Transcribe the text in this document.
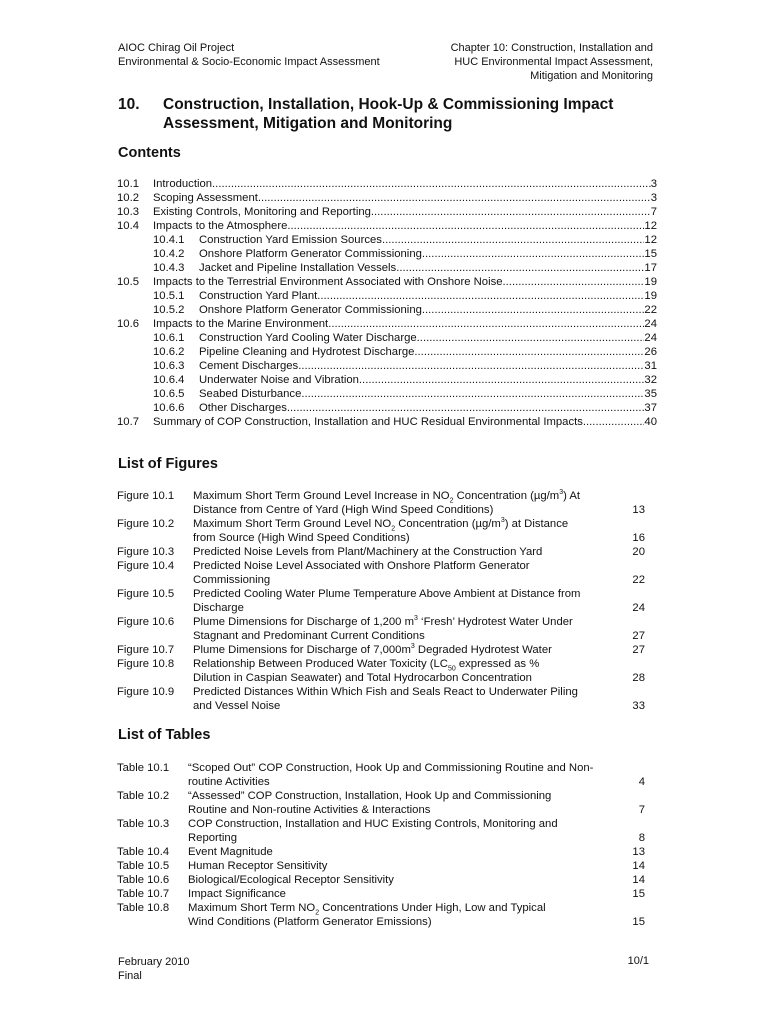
AIOC Chirag Oil Project
Environmental & Socio-Economic Impact Assessment
Chapter 10: Construction, Installation and
HUC Environmental Impact Assessment,
Mitigation and Monitoring
10. Construction, Installation, Hook-Up & Commissioning Impact
Assessment, Mitigation and Monitoring
Contents
10.1	Introduction .....	3
10.2	Scoping Assessment .....	3
10.3	Existing Controls, Monitoring and Reporting .....	7
10.4	Impacts to the Atmosphere .....	12
10.4.1	Construction Yard Emission Sources .....	12
10.4.2	Onshore Platform Generator Commissioning .....	15
10.4.3	Jacket and Pipeline Installation Vessels .....	17
10.5	Impacts to the Terrestrial Environment Associated with Onshore Noise .....	19
10.5.1	Construction Yard Plant .....	19
10.5.2	Onshore Platform Generator Commissioning .....	22
10.6	Impacts to the Marine Environment .....	24
10.6.1	Construction Yard Cooling Water Discharge .....	24
10.6.2	Pipeline Cleaning and Hydrotest Discharge .....	26
10.6.3	Cement Discharges .....	31
10.6.4	Underwater Noise and Vibration .....	32
10.6.5	Seabed Disturbance .....	35
10.6.6	Other Discharges .....	37
10.7	Summary of COP Construction, Installation and HUC Residual Environmental Impacts .....	40
List of Figures
Figure 10.1	Maximum Short Term Ground Level Increase in $NO_2$ Concentration $(\mu g/m^3)$ At
Distance from Centre of Yard (High Wind Speed Conditions)	13
Figure 10.2	Maximum Short Term Ground Level $NO_2$ Concentration $(\mu g/m^3)$ at Distance
from Source (High Wind Speed Conditions)	16
Figure 10.3	Predicted Noise Levels from Plant/Machinery at the Construction Yard	20
Figure 10.4	Predicted Noise Level Associated with Onshore Platform Generator
Commissioning	22
Figure 10.5	Predicted Cooling Water Plume Temperature Above Ambient at Distance from
Discharge	24
Figure 10.6	Plume Dimensions for Discharge of 1,200 $m^3$ ‘Fresh’ Hydrotest Water Under
Stagnant and Predominant Current Conditions	27
Figure 10.7	Plume Dimensions for Discharge of $7,000m^3$ Degraded Hydrotest Water	27
Figure 10.8	Relationship Between Produced Water Toxicity ($LC_{50}$ expressed as %
Dilution in Caspian Seawater) and Total Hydrocarbon Concentration	28
Figure 10.9	Predicted Distances Within Which Fish and Seals React to Underwater Piling
and Vessel Noise	33
List of Tables
Table 10.1	“Scoped Out” COP Construction, Hook Up and Commissioning Routine and Non-
routine Activities	4
Table 10.2	“Assessed” COP Construction, Installation, Hook Up and Commissioning
Routine and Non-routine Activities & Interactions	7
Table 10.3	COP Construction, Installation and HUC Existing Controls, Monitoring and
Reporting	8
Table 10.4	Event Magnitude	13
Table 10.5	Human Receptor Sensitivity	14
Table 10.6	Biological/Ecological Receptor Sensitivity	14
Table 10.7	Impact Significance	15
Table 10.8	Maximum Short Term $NO_2$ Concentrations Under High, Low and Typical
Wind Conditions (Platform Generator Emissions)	15
February 2010
Final
10/1
